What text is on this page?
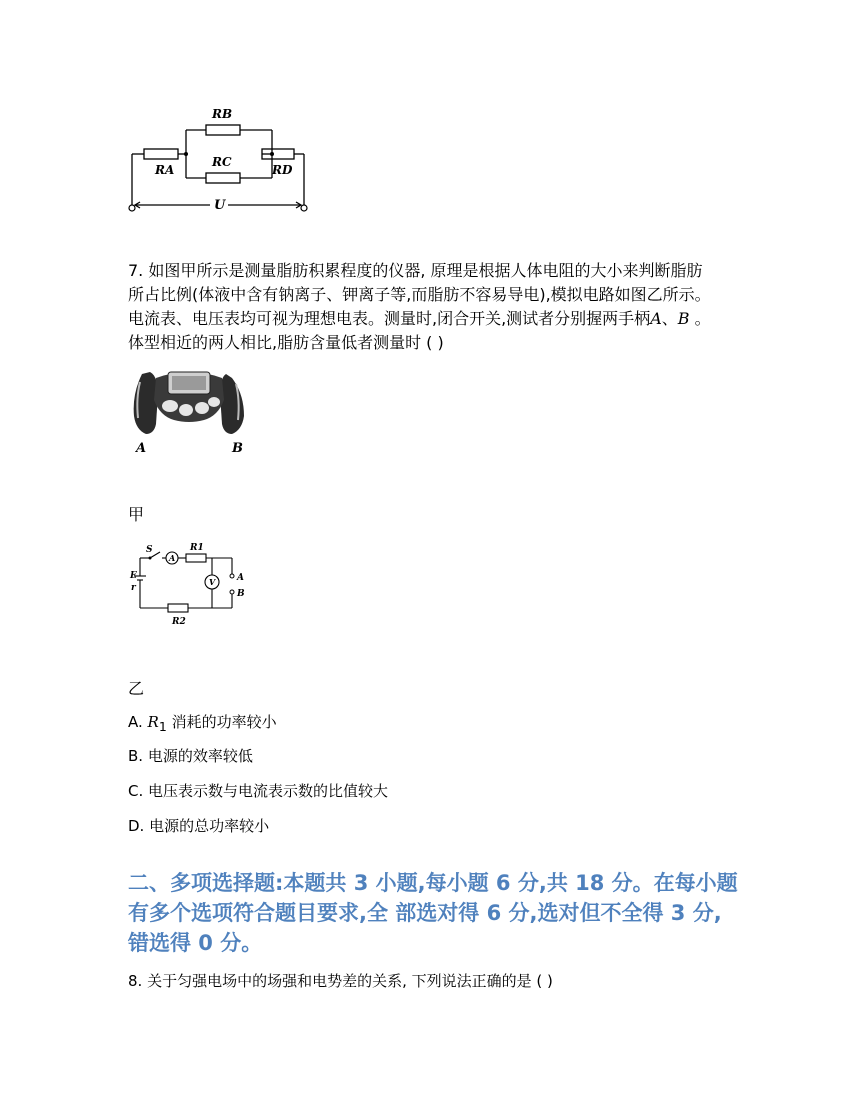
RB
RC
RA	RD
U
7. 如图甲所示是测量脂肪积累程度的仪器, 原理是根据人体电阻的大小来判断脂肪
所占比例(体液中含有钠离子、钾离子等,而脂肪不容易导电),模拟电路如图乙所示。
电流表、电压表均可视为理想电表。测量时,闭合开关,测试者分别握两手柄A、B 。
体型相近的两人相比,脂肪含量低者测量时 ( )
A	B
甲
S
A
R1
V
E
r
A
B
R2
乙
A. $R_1$ 消耗的功率较小
B. 电源的效率较低
C. 电压表示数与电流表示数的比值较大
D. 电源的总功率较小
二、多项选择题:本题共 3 小题,每小题 6 分,共 18 分。在每小题有多个选项符合题目要求,全 部选对得 6 分,选对但不全得 3 分,错选得 0 分。
8. 关于匀强电场中的场强和电势差的关系, 下列说法正确的是 ( )
